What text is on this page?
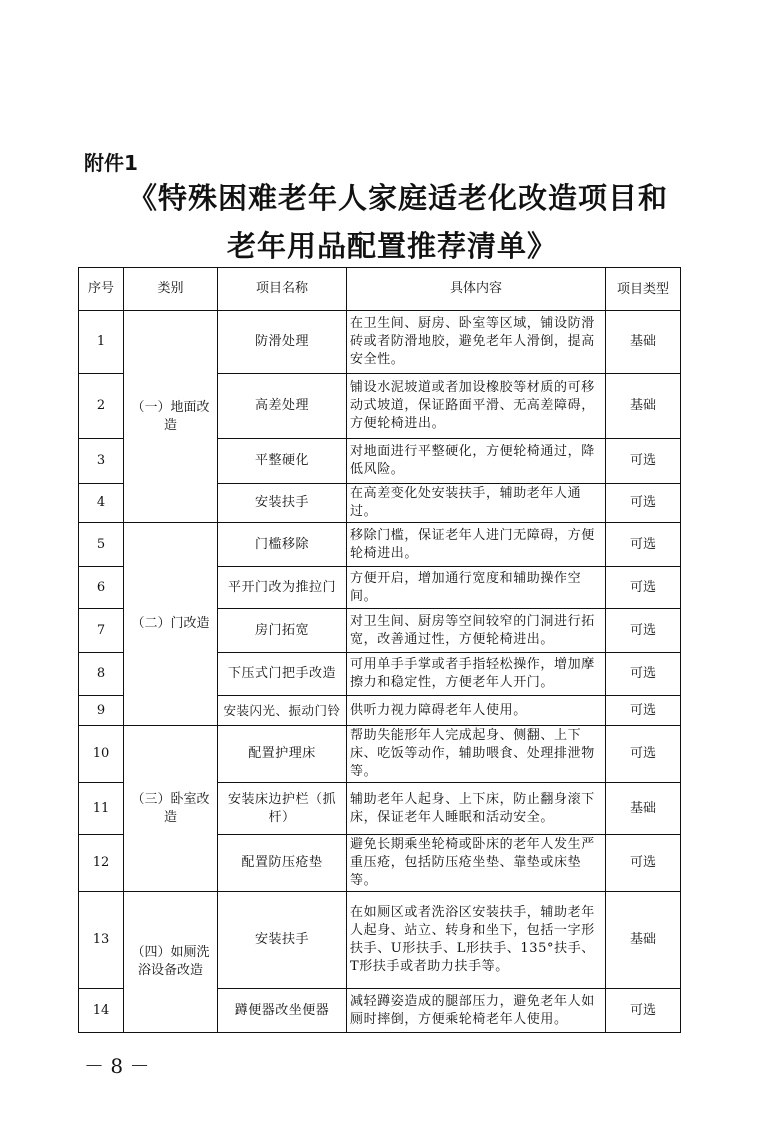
附件1
《特殊困难老年人家庭适老化改造项目和
老年用品配置推荐清单》
序号	类别	项目名称	具体内容	项目类型
1	（一）地面改造	防滑处理	在卫生间、厨房、卧室等区域，铺设防滑砖或者防滑地胶，避免老年人滑倒，提高安全性。	基础
2		高差处理	铺设水泥坡道或者加设橡胶等材质的可移动式坡道，保证路面平滑、无高差障碍，方便轮椅进出。	基础
3		平整硬化	对地面进行平整硬化，方便轮椅通过，降低风险。	可选
4		安装扶手	在高差变化处安装扶手，辅助老年人通过。	可选
5	（二）门改造	门槛移除	移除门槛，保证老年人进门无障碍，方便轮椅进出。	可选
6		平开门改为推拉门	方便开启，增加通行宽度和辅助操作空间。	可选
7		房门拓宽	对卫生间、厨房等空间较窄的门洞进行拓宽，改善通过性，方便轮椅进出。	可选
8		下压式门把手改造	可用单手手掌或者手指轻松操作，增加摩擦力和稳定性，方便老年人开门。	可选
9		安装闪光、振动门铃	供听力视力障碍老年人使用。	可选
10	（三）卧室改造	配置护理床	帮助失能形年人完成起身、侧翻、上下床、吃饭等动作，辅助喂食、处理排泄物等。	可选
11		安装床边护栏（抓杆）	辅助老年人起身、上下床，防止翻身滚下床，保证老年人睡眠和活动安全。	基础
12		配置防压疮垫	避免长期乘坐轮椅或卧床的老年人发生严重压疮，包括防压疮坐垫、靠垫或床垫等。	可选
13	（四）如厕洗浴设备改造	安装扶手	在如厕区或者洗浴区安装扶手，辅助老年人起身、站立、转身和坐下，包括一字形扶手、U形扶手、L形扶手、135°扶手、T形扶手或者助力扶手等。	基础
14		蹲便器改坐便器	减轻蹲姿造成的腿部压力，避免老年人如厕时摔倒，方便乘轮椅老年人使用。	可选
－ 8 －
